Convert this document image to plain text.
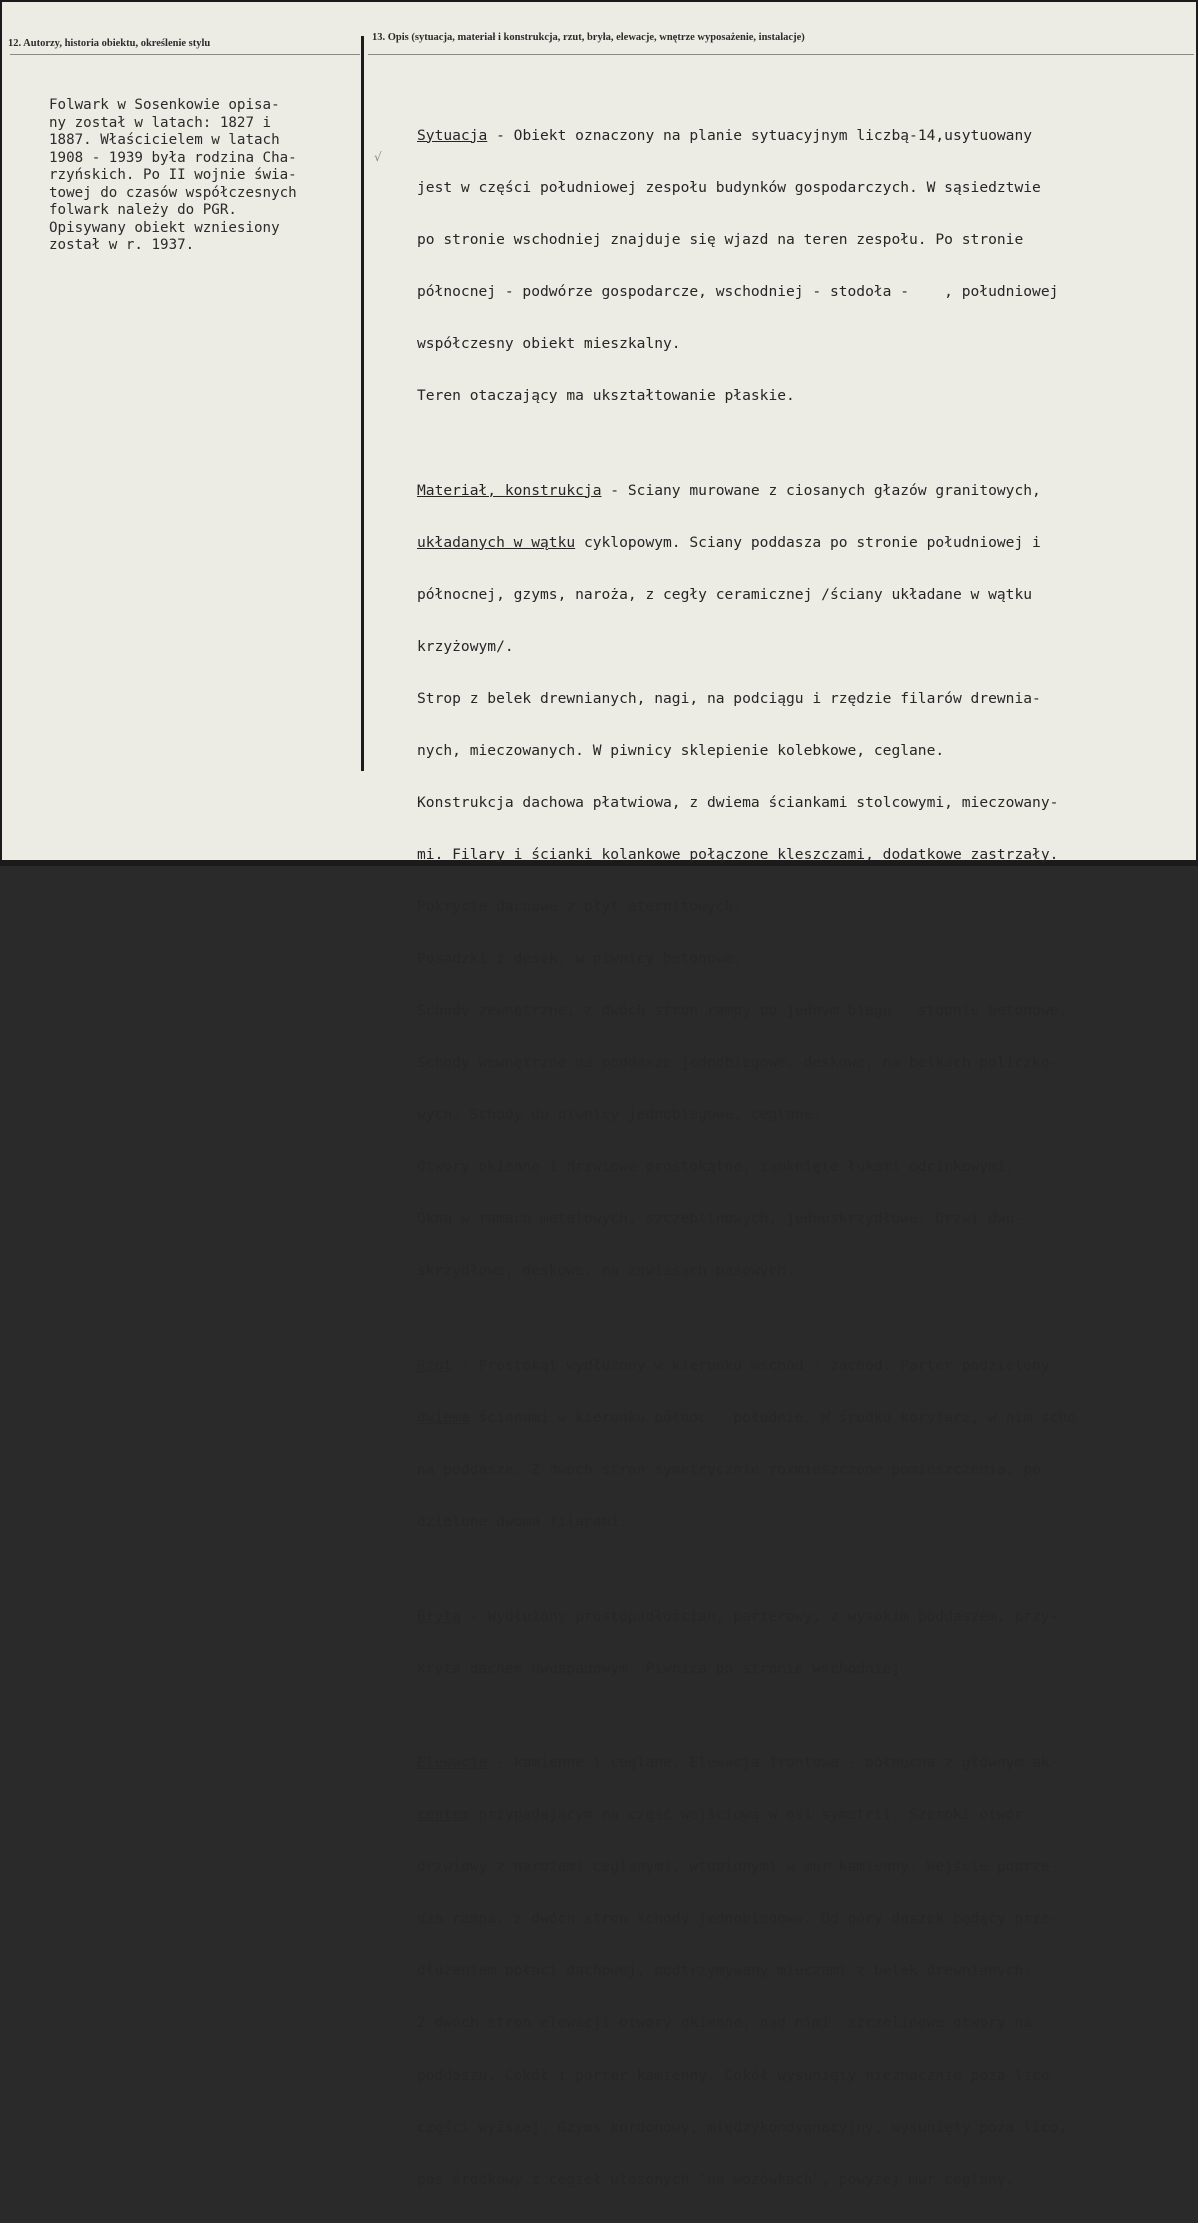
12. Autorzy, historia obiektu, określenie stylu
13. Opis (sytuacja, materiał i konstrukcja, rzut, bryła, elewacje, wnętrze wyposażenie, instalacje)
Folwark w Sosenkowie opisa-
ny został w latach: 1827 i
1887. Właścicielem w latach
1908 - 1939 była rodzina Cha-
rzyńskich. Po II wojnie świa-
towej do czasów współczesnych
folwark należy do PGR.
Opisywany obiekt wzniesiony
został w r. 1937.
√

Sytuacja - Obiekt oznaczony na planie sytuacyjnym liczbą-14,usytuowany

jest w części południowej zespołu budynków gospodarczych. W sąsiedztwie

po stronie wschodniej znajduje się wjazd na teren zespołu. Po stronie

północnej - podwórze gospodarcze, wschodniej - stodoła -    , południowej

współczesny obiekt mieszkalny.

Teren otaczający ma ukształtowanie płaskie.

Materiał, konstrukcja - Sciany murowane z ciosanych głazów granitowych,

układanych w wątku cyklopowym. Sciany poddasza po stronie południowej i

północnej, gzyms, naroża, z cegły ceramicznej /ściany układane w wątku

krzyżowym/.

Strop z belek drewnianych, nagi, na podciągu i rzędzie filarów drewnia-

nych, mieczowanych. W piwnicy sklepienie kolebkowe, ceglane.

Konstrukcja dachowa płatwiowa, z dwiema ściankami stolcowymi, mieczowany-

mi. Filary i ścianki kolankowe połączone kleszczami, dodatkowe zastrzały.

Pokrycie dachowe z płyt eternitowych.

Posadzki z desek, w piwnicy betonowe.

Schody zewnętrzne, z dwóch stron rampy po jednym biegu - stopnie betonowe.

Schody wewnętrzne na poddasze jednobiegowe, deskowe, na belkach policzko-

wych. Schody do piwnicy jednobiegowe, ceglane.

Otwory okienne i drzwiowe prostokątne, zamknięte łukami odcinkowymi.

Okna w ramach metalowych, szczeblinowych, jednoskrzydłowe. Drzwi dwu-

skrzydłowe, deskowe, na zawiasach pasowych.

Rzut - Prostokąt wydłużony w kierunku wschód - zachód. Parter podzielony

dwiema ścianami w kierunku północ - południe. W środku korytarz, w nim scho

na poddasze. Z dwóch stron symetrycznie rozmieszczone pomieszczenia, po-

dzielone dwoma filarami.

Bryła - Wydłużony prostopadłościan, parterowy, z wysokim poddaszem, przy-

kryta dachem dwuspadowym. Piwnica po stronie wschodniej.

Elewacje - kamienne i ceglane. Elewacja frontowa - północna z głównym ak-

centem przypadającym na część wejściową w osi symetrii. Szeroki otwór

drzwiowy z narożami ceglanymi, wtopionymi w mur kamienny. Wejście poprze-

dza rampa, z dwóch stron schody jednobiegowe. Od góry daszek będący prze-

dłużeniem połaci dachowej, podtrzymywany mieczami z belek drewnianych.

Z dwóch stron elewacji otwory okienne, nad nimi  szczelinowe otwory na

poddaszu. Cokół i parter kamienny. Cokół wysunięty nieznacznie poza lico

części wyższej. Gzyms kordonowy, międzykondygnacyjny, wysunięty poza lico,

pas środkowy z cegieł ułożonych "na wozówkach", powyżej mur ceglany.
